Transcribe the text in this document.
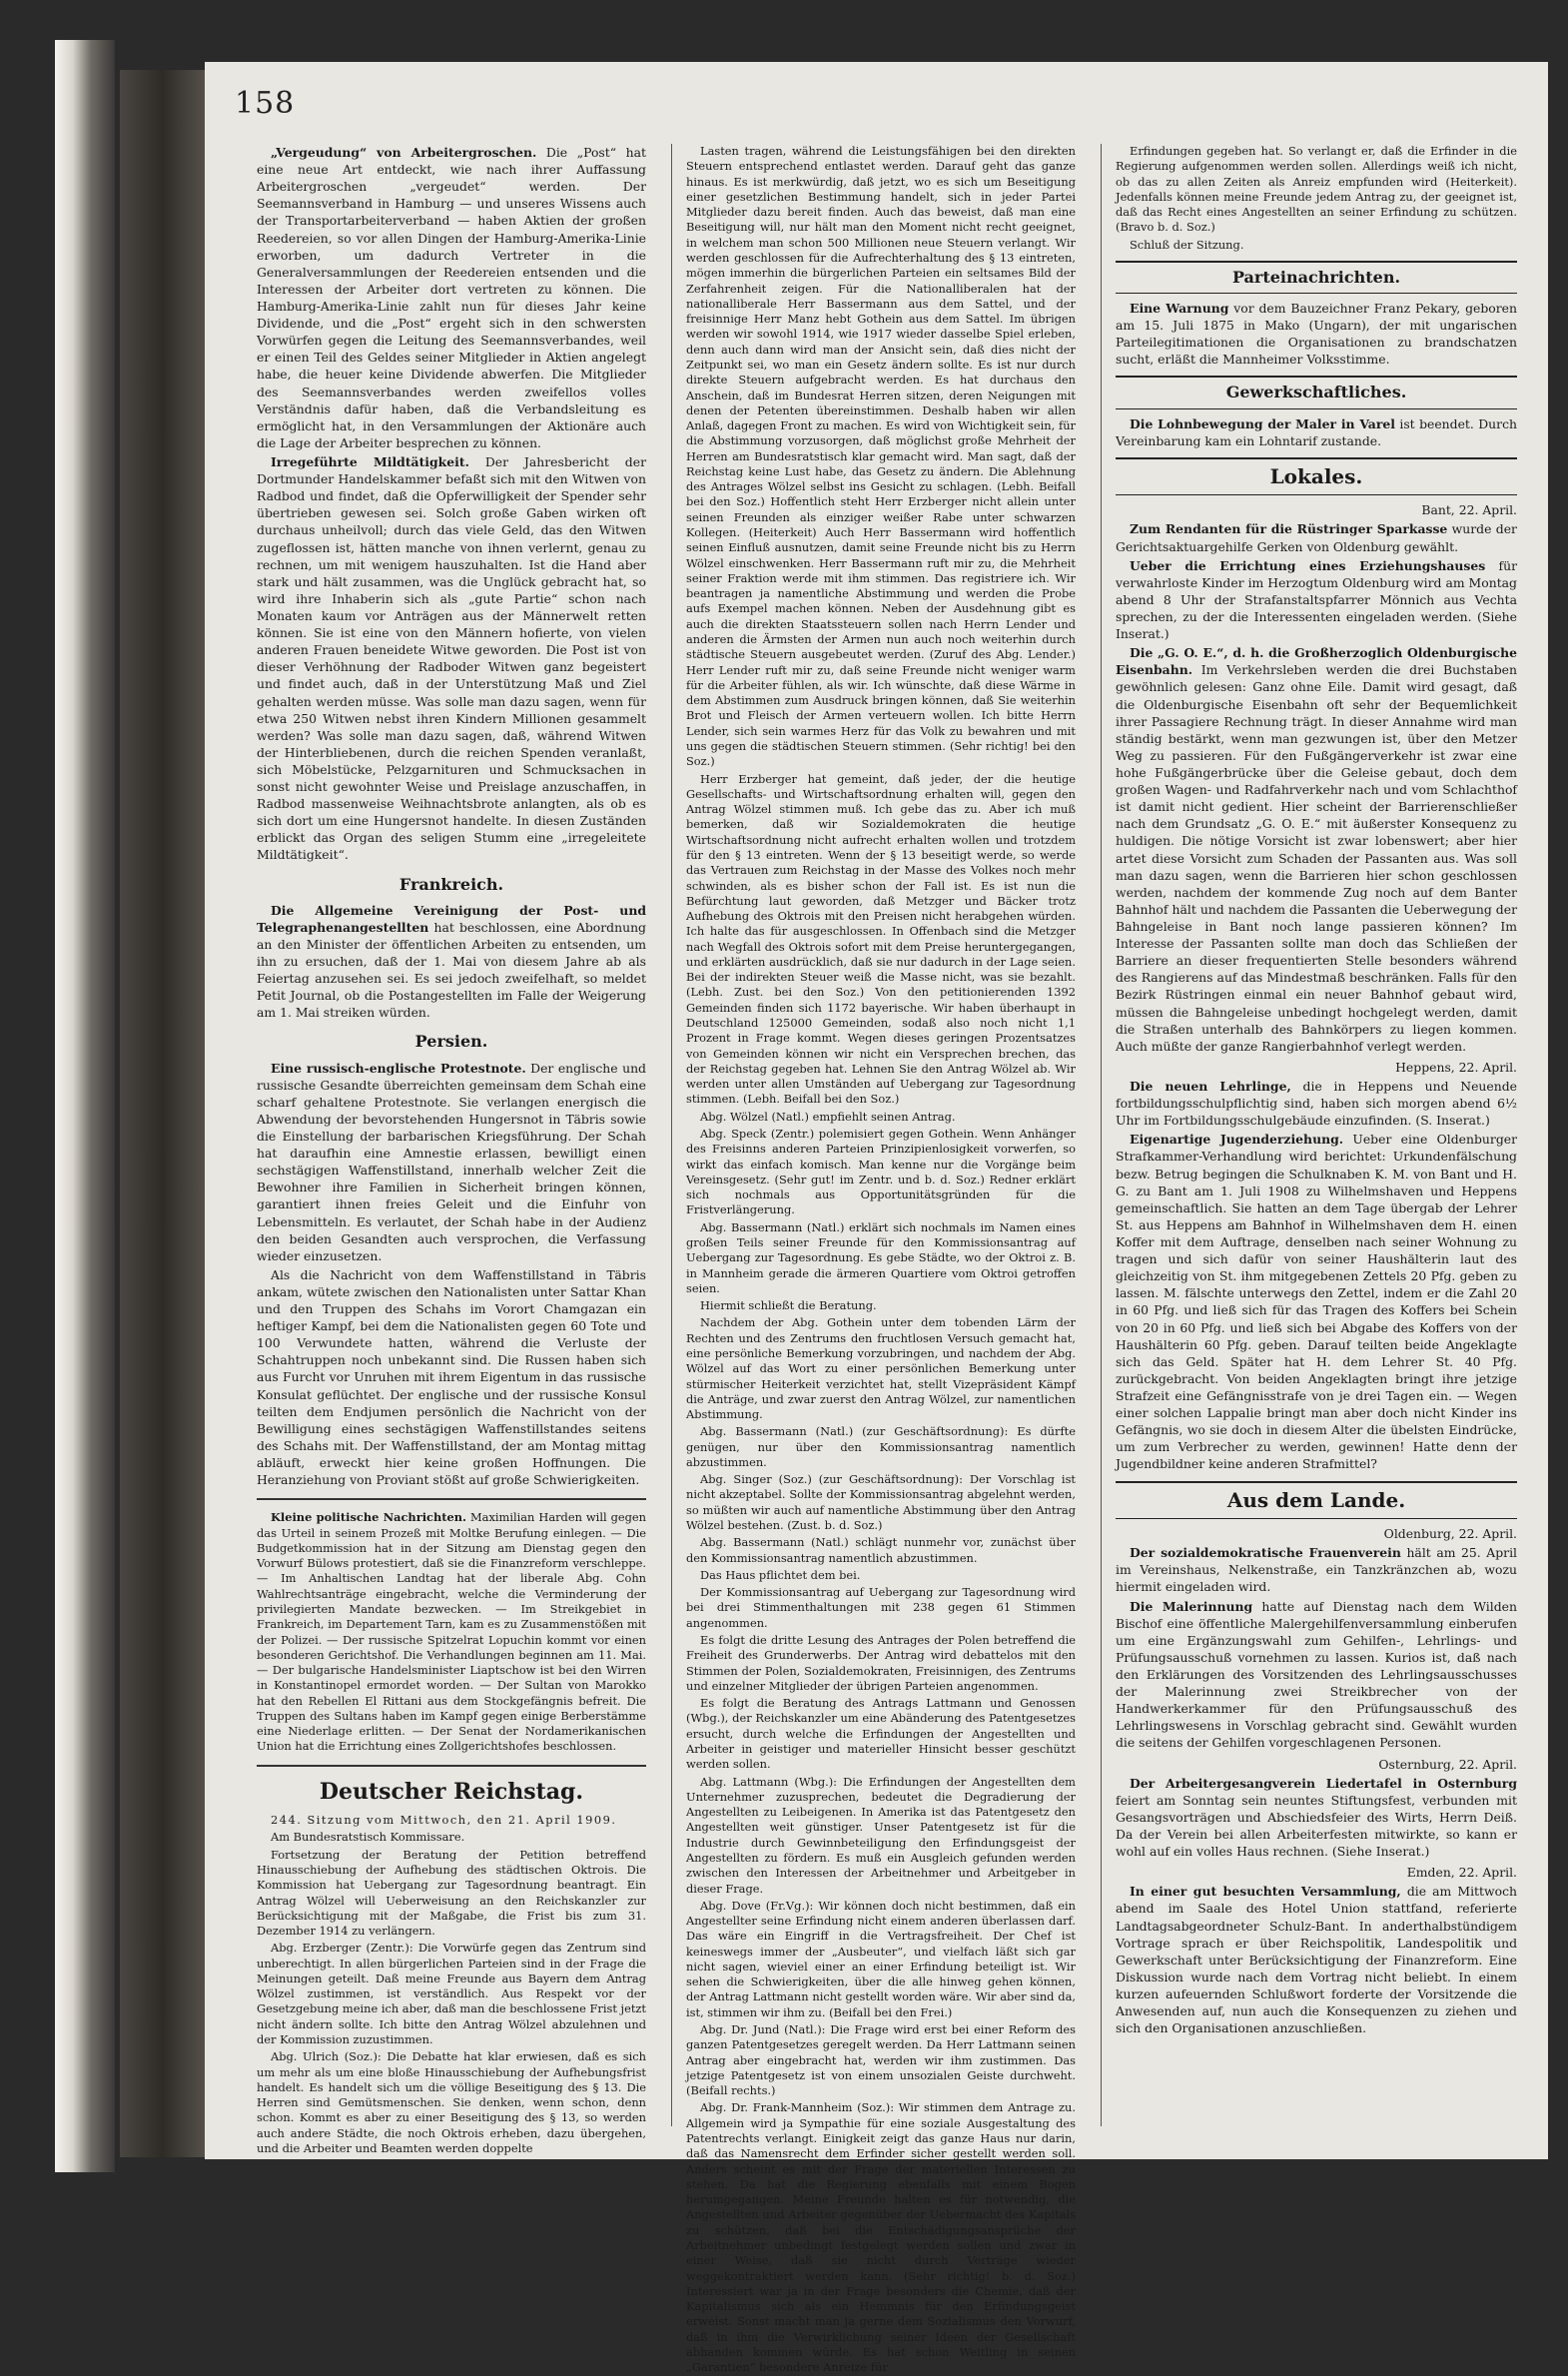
158

„Vergeudung“ von Arbeitergroschen. Die „Post“ hat eine neue Art entdeckt, wie nach ihrer Auffassung Arbeitergroschen „vergeudet“ werden. Der Seemannsverband in Hamburg — und unseres Wissens auch der Transportarbeiterverband — haben Aktien der großen Reedereien, so vor allen Dingen der Hamburg-Amerika-Linie erworben, um dadurch Vertreter in die Generalversammlungen der Reedereien entsenden und die Interessen der Arbeiter dort vertreten zu können. Die Hamburg-Amerika-Linie zahlt nun für dieses Jahr keine Dividende, und die „Post“ ergeht sich in den schwersten Vorwürfen gegen die Leitung des Seemannsverbandes, weil er einen Teil des Geldes seiner Mitglieder in Aktien angelegt habe, die heuer keine Dividende abwerfen. Die Mitglieder des Seemannsverbandes werden zweifellos volles Verständnis dafür haben, daß die Verbandsleitung es ermöglicht hat, in den Versammlungen der Aktionäre auch die Lage der Arbeiter besprechen zu können.

Irregeführte Mildtätigkeit. Der Jahresbericht der Dortmunder Handelskammer befaßt sich mit den Witwen von Radbod und findet, daß die Opferwilligkeit der Spender sehr übertrieben gewesen sei. Solch große Gaben wirken oft durchaus unheilvoll; durch das viele Geld, das den Witwen zugeflossen ist, hätten manche von ihnen verlernt, genau zu rechnen, um mit wenigem hauszuhalten. Ist die Hand aber stark und hält zusammen, was die Unglück gebracht hat, so wird ihre Inhaberin sich als „gute Partie“ schon nach Monaten kaum vor Anträgen aus der Männerwelt retten können. Sie ist eine von den Männern hofierte, von vielen anderen Frauen beneidete Witwe geworden. Die Post ist von dieser Verhöhnung der Radboder Witwen ganz begeistert und findet auch, daß in der Unterstützung Maß und Ziel gehalten werden müsse. Was solle man dazu sagen, wenn für etwa 250 Witwen nebst ihren Kindern Millionen gesammelt werden? Was solle man dazu sagen, daß, während Witwen der Hinterbliebenen, durch die reichen Spenden veranlaßt, sich Möbelstücke, Pelzgarnituren und Schmucksachen in sonst nicht gewohnter Weise und Preislage anzuschaffen, in Radbod massenweise Weihnachtsbrote anlangten, als ob es sich dort um eine Hungersnot handelte. In diesen Zuständen erblickt das Organ des seligen Stumm eine „irregeleitete Mildtätigkeit“.

Frankreich.

Die Allgemeine Vereinigung der Post- und Telegraphenangestellten hat beschlossen, eine Abordnung an den Minister der öffentlichen Arbeiten zu entsenden, um ihn zu ersuchen, daß der 1. Mai von diesem Jahre ab als Feiertag anzusehen sei. Es sei jedoch zweifelhaft, so meldet Petit Journal, ob die Postangestellten im Falle der Weigerung am 1. Mai streiken würden.

Persien.

Eine russisch-englische Protestnote. Der englische und russische Gesandte überreichten gemeinsam dem Schah eine scharf gehaltene Protestnote. Sie verlangen energisch die Abwendung der bevorstehenden Hungersnot in Täbris sowie die Einstellung der barbarischen Kriegsführung. Der Schah hat daraufhin eine Amnestie erlassen, bewilligt einen sechstägigen Waffenstillstand, innerhalb welcher Zeit die Bewohner ihre Familien in Sicherheit bringen können, garantiert ihnen freies Geleit und die Einfuhr von Lebensmitteln. Es verlautet, der Schah habe in der Audienz den beiden Gesandten auch versprochen, die Verfassung wieder einzusetzen.

Als die Nachricht von dem Waffenstillstand in Täbris ankam, wütete zwischen den Nationalisten unter Sattar Khan und den Truppen des Schahs im Vorort Chamgazan ein heftiger Kampf, bei dem die Nationalisten gegen 60 Tote und 100 Verwundete hatten, während die Verluste der Schahtruppen noch unbekannt sind. Die Russen haben sich aus Furcht vor Unruhen mit ihrem Eigentum in das russische Konsulat geflüchtet. Der englische und der russische Konsul teilten dem Endjumen persönlich die Nachricht von der Bewilligung eines sechstägigen Waffenstillstandes seitens des Schahs mit. Der Waffenstillstand, der am Montag mittag abläuft, erweckt hier keine großen Hoffnungen. Die Heranziehung von Proviant stößt auf große Schwierigkeiten.

Kleine politische Nachrichten. Maximilian Harden will gegen das Urteil in seinem Prozeß mit Moltke Berufung einlegen. — Die Budgetkommission hat in der Sitzung am Dienstag gegen den Vorwurf Bülows protestiert, daß sie die Finanzreform verschleppe. — Im Anhaltischen Landtag hat der liberale Abg. Cohn Wahlrechtsanträge eingebracht, welche die Verminderung der privilegierten Mandate bezwecken. — Im Streikgebiet in Frankreich, im Departement Tarn, kam es zu Zusammenstößen mit der Polizei. — Der russische Spitzelrat Lopuchin kommt vor einen besonderen Gerichtshof. Die Verhandlungen beginnen am 11. Mai. — Der bulgarische Handelsminister Liaptschow ist bei den Wirren in Konstantinopel ermordet worden. — Der Sultan von Marokko hat den Rebellen El Rittani aus dem Stockgefängnis befreit. Die Truppen des Sultans haben im Kampf gegen einige Berberstämme eine Niederlage erlitten. — Der Senat der Nordamerikanischen Union hat die Errichtung eines Zollgerichtshofes beschlossen.

Deutscher Reichstag.

244. Sitzung vom Mittwoch, den 21. April 1909.

Am Bundesratstisch Kommissare.

Fortsetzung der Beratung der Petition betreffend Hinausschiebung der Aufhebung des städtischen Oktrois. Die Kommission hat Uebergang zur Tagesordnung beantragt. Ein Antrag Wölzel will Ueberweisung an den Reichskanzler zur Berücksichtigung mit der Maßgabe, die Frist bis zum 31. Dezember 1914 zu verlängern.

Abg. Erzberger (Zentr.): Die Vorwürfe gegen das Zentrum sind unberechtigt. In allen bürgerlichen Parteien sind in der Frage die Meinungen geteilt. Daß meine Freunde aus Bayern dem Antrag Wölzel zustimmen, ist verständlich. Aus Respekt vor der Gesetzgebung meine ich aber, daß man die beschlossene Frist jetzt nicht ändern sollte. Ich bitte den Antrag Wölzel abzulehnen und der Kommission zuzustimmen.

Abg. Ulrich (Soz.): Die Debatte hat klar erwiesen, daß es sich um mehr als um eine bloße Hinausschiebung der Aufhebungsfrist handelt. Es handelt sich um die völlige Beseitigung des § 13. Die Herren sind Gemütsmenschen. Sie denken, wenn schon, denn schon. Kommt es aber zu einer Beseitigung des § 13, so werden auch andere Städte, die noch Oktrois erheben, dazu übergehen, und die Arbeiter und Beamten werden doppelte

Lasten tragen, während die Leistungsfähigen bei den direkten Steuern entsprechend entlastet werden. Darauf geht das ganze hinaus. Es ist merkwürdig, daß jetzt, wo es sich um Beseitigung einer gesetzlichen Bestimmung handelt, sich in jeder Partei Mitglieder dazu bereit finden. Auch das beweist, daß man eine Beseitigung will, nur hält man den Moment nicht recht geeignet, in welchem man schon 500 Millionen neue Steuern verlangt. Wir werden geschlossen für die Aufrechterhaltung des § 13 eintreten, mögen immerhin die bürgerlichen Parteien ein seltsames Bild der Zerfahrenheit zeigen. Für die Nationalliberalen hat der nationalliberale Herr Bassermann aus dem Sattel, und der freisinnige Herr Manz hebt Gothein aus dem Sattel. Im übrigen werden wir sowohl 1914, wie 1917 wieder dasselbe Spiel erleben, denn auch dann wird man der Ansicht sein, daß dies nicht der Zeitpunkt sei, wo man ein Gesetz ändern sollte. Es ist nur durch direkte Steuern aufgebracht werden. Es hat durchaus den Anschein, daß im Bundesrat Herren sitzen, deren Neigungen mit denen der Petenten übereinstimmen. Deshalb haben wir allen Anlaß, dagegen Front zu machen. Es wird von Wichtigkeit sein, für die Abstimmung vorzusorgen, daß möglichst große Mehrheit der Herren am Bundesratstisch klar gemacht wird. Man sagt, daß der Reichstag keine Lust habe, das Gesetz zu ändern. Die Ablehnung des Antrages Wölzel selbst ins Gesicht zu schlagen. (Lebh. Beifall bei den Soz.) Hoffentlich steht Herr Erzberger nicht allein unter seinen Freunden als einziger weißer Rabe unter schwarzen Kollegen. (Heiterkeit) Auch Herr Bassermann wird hoffentlich seinen Einfluß ausnutzen, damit seine Freunde nicht bis zu Herrn Wölzel einschwenken. Herr Bassermann ruft mir zu, die Mehrheit seiner Fraktion werde mit ihm stimmen. Das registriere ich. Wir beantragen ja namentliche Abstimmung und werden die Probe aufs Exempel machen können. Neben der Ausdehnung gibt es auch die direkten Staatssteuern sollen nach Herrn Lender und anderen die Ärmsten der Armen nun auch noch weiterhin durch städtische Steuern ausgebeutet werden. (Zuruf des Abg. Lender.) Herr Lender ruft mir zu, daß seine Freunde nicht weniger warm für die Arbeiter fühlen, als wir. Ich wünschte, daß diese Wärme in dem Abstimmen zum Ausdruck bringen können, daß Sie weiterhin Brot und Fleisch der Armen verteuern wollen. Ich bitte Herrn Lender, sich sein warmes Herz für das Volk zu bewahren und mit uns gegen die städtischen Steuern stimmen. (Sehr richtig! bei den Soz.)

Herr Erzberger hat gemeint, daß jeder, der die heutige Gesellschafts- und Wirtschaftsordnung erhalten will, gegen den Antrag Wölzel stimmen muß. Ich gebe das zu. Aber ich muß bemerken, daß wir Sozialdemokraten die heutige Wirtschaftsordnung nicht aufrecht erhalten wollen und trotzdem für den § 13 eintreten. Wenn der § 13 beseitigt werde, so werde das Vertrauen zum Reichstag in der Masse des Volkes noch mehr schwinden, als es bisher schon der Fall ist. Es ist nun die Befürchtung laut geworden, daß Metzger und Bäcker trotz Aufhebung des Oktrois mit den Preisen nicht herabgehen würden. Ich halte das für ausgeschlossen. In Offenbach sind die Metzger nach Wegfall des Oktrois sofort mit dem Preise heruntergegangen, und erklärten ausdrücklich, daß sie nur dadurch in der Lage seien. Bei der indirekten Steuer weiß die Masse nicht, was sie bezahlt. (Lebh. Zust. bei den Soz.) Von den petitionierenden 1392 Gemeinden finden sich 1172 bayerische. Wir haben überhaupt in Deutschland 125000 Gemeinden, sodaß also noch nicht 1,1 Prozent in Frage kommt. Wegen dieses geringen Prozentsatzes von Gemeinden können wir nicht ein Versprechen brechen, das der Reichstag gegeben hat. Lehnen Sie den Antrag Wölzel ab. Wir werden unter allen Umständen auf Uebergang zur Tagesordnung stimmen. (Lebh. Beifall bei den Soz.)

Abg. Wölzel (Natl.) empfiehlt seinen Antrag.

Abg. Speck (Zentr.) polemisiert gegen Gothein. Wenn Anhänger des Freisinns anderen Parteien Prinzipienlosigkeit vorwerfen, so wirkt das einfach komisch. Man kenne nur die Vorgänge beim Vereinsgesetz. (Sehr gut! im Zentr. und b. d. Soz.) Redner erklärt sich nochmals aus Opportunitätsgründen für die Fristverlängerung.

Abg. Bassermann (Natl.) erklärt sich nochmals im Namen eines großen Teils seiner Freunde für den Kommissionsantrag auf Uebergang zur Tagesordnung. Es gebe Städte, wo der Oktroi z. B. in Mannheim gerade die ärmeren Quartiere vom Oktroi getroffen seien.

Hiermit schließt die Beratung.

Nachdem der Abg. Gothein unter dem tobenden Lärm der Rechten und des Zentrums den fruchtlosen Versuch gemacht hat, eine persönliche Bemerkung vorzubringen, und nachdem der Abg. Wölzel auf das Wort zu einer persönlichen Bemerkung unter stürmischer Heiterkeit verzichtet hat, stellt Vizepräsident Kämpf die Anträge, und zwar zuerst den Antrag Wölzel, zur namentlichen Abstimmung.

Abg. Bassermann (Natl.) (zur Geschäftsordnung): Es dürfte genügen, nur über den Kommissionsantrag namentlich abzustimmen.

Abg. Singer (Soz.) (zur Geschäftsordnung): Der Vorschlag ist nicht akzeptabel. Sollte der Kommissionsantrag abgelehnt werden, so müßten wir auch auf namentliche Abstimmung über den Antrag Wölzel bestehen. (Zust. b. d. Soz.)

Abg. Bassermann (Natl.) schlägt nunmehr vor, zunächst über den Kommissionsantrag namentlich abzustimmen.

Das Haus pflichtet dem bei.

Der Kommissionsantrag auf Uebergang zur Tagesordnung wird bei drei Stimmenthaltungen mit 238 gegen 61 Stimmen angenommen.

Es folgt die dritte Lesung des Antrages der Polen betreffend die Freiheit des Grunderwerbs. Der Antrag wird debattelos mit den Stimmen der Polen, Sozialdemokraten, Freisinnigen, des Zentrums und einzelner Mitglieder der übrigen Parteien angenommen.

Es folgt die Beratung des Antrags Lattmann und Genossen (Wbg.), der Reichskanzler um eine Abänderung des Patentgesetzes ersucht, durch welche die Erfindungen der Angestellten und Arbeiter in geistiger und materieller Hinsicht besser geschützt werden sollen.

Abg. Lattmann (Wbg.): Die Erfindungen der Angestellten dem Unternehmer zuzusprechen, bedeutet die Degradierung der Angestellten zu Leibeigenen. In Amerika ist das Patentgesetz den Angestellten weit günstiger. Unser Patentgesetz ist für die Industrie durch Gewinnbeteiligung den Erfindungsgeist der Angestellten zu fördern. Es muß ein Ausgleich gefunden werden zwischen den Interessen der Arbeitnehmer und Arbeitgeber in dieser Frage.

Abg. Dove (Fr.Vg.): Wir können doch nicht bestimmen, daß ein Angestellter seine Erfindung nicht einem anderen überlassen darf. Das wäre ein Eingriff in die Vertragsfreiheit. Der Chef ist keineswegs immer der „Ausbeuter“, und vielfach läßt sich gar nicht sagen, wieviel einer an einer Erfindung beteiligt ist. Wir sehen die Schwierigkeiten, über die alle hinweg gehen können, der Antrag Lattmann nicht gestellt worden wäre. Wir aber sind da, ist, stimmen wir ihm zu. (Beifall bei den Frei.)

Abg. Dr. Jund (Natl.): Die Frage wird erst bei einer Reform des ganzen Patentgesetzes geregelt werden. Da Herr Lattmann seinen Antrag aber eingebracht hat, werden wir ihm zustimmen. Das jetzige Patentgesetz ist von einem unsozialen Geiste durchweht. (Beifall rechts.)

Abg. Dr. Frank-Mannheim (Soz.): Wir stimmen dem Antrage zu. Allgemein wird ja Sympathie für eine soziale Ausgestaltung des Patentrechts verlangt. Einigkeit zeigt das ganze Haus nur darin, daß das Namensrecht dem Erfinder sicher gestellt werden soll. Anders scheint es mit der Frage der materiellen Interessen zu stehen. Da hat die Regierung ebenfalls mit einem Bogen herumgegangen. Meine Freunde halten es für notwendig, die Angestellten und Arbeiter gegenüber der Uebermacht des Kapitals zu schützen, daß bei die Entschädigungsansprüche der Arbeitnehmer unbedingt festgelegt werden sollen und zwar in einer Weise, daß sie nicht durch Verträge wieder weggekontraktiert werden kann. (Sehr richtig! b. d. Soz.) Interessiert war ja in der Frage besonders die Chemie, daß der Kapitalismus sich als ein Hemmnis für den Erfindungsgeist erweist. Sonst macht man ja gerne dem Sozialismus den Vorwurf, daß in ihm die Verwirklichung seiner Ideen der Gesellschaft abhanden kommen würde. Es hat schon Weitling in seinen „Garantien“ besondere Anreize für

Erfindungen gegeben hat. So verlangt er, daß die Erfinder in die Regierung aufgenommen werden sollen. Allerdings weiß ich nicht, ob das zu allen Zeiten als Anreiz empfunden wird (Heiterkeit). Jedenfalls können meine Freunde jedem Antrag zu, der geeignet ist, daß das Recht eines Angestellten an seiner Erfindung zu schützen. (Bravo b. d. Soz.)

Schluß der Sitzung.

Parteinachrichten.

Eine Warnung vor dem Bauzeichner Franz Pekary, geboren am 15. Juli 1875 in Mako (Ungarn), der mit ungarischen Parteilegitimationen die Organisationen zu brandschatzen sucht, erläßt die Mannheimer Volksstimme.

Gewerkschaftliches.

Die Lohnbewegung der Maler in Varel ist beendet. Durch Vereinbarung kam ein Lohntarif zustande.

Lokales.
Bant, 22. April.

Zum Rendanten für die Rüstringer Sparkasse wurde der Gerichtsaktuargehilfe Gerken von Oldenburg gewählt.

Ueber die Errichtung eines Erziehungshauses für verwahrloste Kinder im Herzogtum Oldenburg wird am Montag abend 8 Uhr der Strafanstaltspfarrer Mönnich aus Vechta sprechen, zu der die Interessenten eingeladen werden. (Siehe Inserat.)

Die „G. O. E.“, d. h. die Großherzoglich Oldenburgische Eisenbahn. Im Verkehrsleben werden die drei Buchstaben gewöhnlich gelesen: Ganz ohne Eile. Damit wird gesagt, daß die Oldenburgische Eisenbahn oft sehr der Bequemlichkeit ihrer Passagiere Rechnung trägt. In dieser Annahme wird man ständig bestärkt, wenn man gezwungen ist, über den Metzer Weg zu passieren. Für den Fußgängerverkehr ist zwar eine hohe Fußgängerbrücke über die Geleise gebaut, doch dem großen Wagen- und Radfahrverkehr nach und vom Schlachthof ist damit nicht gedient. Hier scheint der Barrierenschließer nach dem Grundsatz „G. O. E.“ mit äußerster Konsequenz zu huldigen. Die nötige Vorsicht ist zwar lobenswert; aber hier artet diese Vorsicht zum Schaden der Passanten aus. Was soll man dazu sagen, wenn die Barrieren hier schon geschlossen werden, nachdem der kommende Zug noch auf dem Banter Bahnhof hält und nachdem die Passanten die Ueberwegung der Bahngeleise in Bant noch lange passieren können? Im Interesse der Passanten sollte man doch das Schließen der Barriere an dieser frequentierten Stelle besonders während des Rangierens auf das Mindestmaß beschränken. Falls für den Bezirk Rüstringen einmal ein neuer Bahnhof gebaut wird, müssen die Bahngeleise unbedingt hochgelegt werden, damit die Straßen unterhalb des Bahnkörpers zu liegen kommen. Auch müßte der ganze Rangierbahnhof verlegt werden.

Heppens, 22. April.

Die neuen Lehrlinge, die in Heppens und Neuende fortbildungsschulpflichtig sind, haben sich morgen abend 6½ Uhr im Fortbildungsschulgebäude einzufinden. (S. Inserat.)

Eigenartige Jugenderziehung. Ueber eine Oldenburger Strafkammer-Verhandlung wird berichtet: Urkundenfälschung bezw. Betrug begingen die Schulknaben K. M. von Bant und H. G. zu Bant am 1. Juli 1908 zu Wilhelmshaven und Heppens gemeinschaftlich. Sie hatten an dem Tage übergab der Lehrer St. aus Heppens am Bahnhof in Wilhelmshaven dem H. einen Koffer mit dem Auftrage, denselben nach seiner Wohnung zu tragen und sich dafür von seiner Haushälterin laut des gleichzeitig von St. ihm mitgegebenen Zettels 20 Pfg. geben zu lassen. M. fälschte unterwegs den Zettel, indem er die Zahl 20 in 60 Pfg. und ließ sich für das Tragen des Koffers bei Schein von 20 in 60 Pfg. und ließ sich bei Abgabe des Koffers von der Haushälterin 60 Pfg. geben. Darauf teilten beide Angeklagte sich das Geld. Später hat H. dem Lehrer St. 40 Pfg. zurückgebracht. Von beiden Angeklagten bringt ihre jetzige Strafzeit eine Gefängnisstrafe von je drei Tagen ein. — Wegen einer solchen Lappalie bringt man aber doch nicht Kinder ins Gefängnis, wo sie doch in diesem Alter die übelsten Eindrücke, um zum Verbrecher zu werden, gewinnen! Hatte denn der Jugendbildner keine anderen Strafmittel?

Aus dem Lande.
Oldenburg, 22. April.

Der sozialdemokratische Frauenverein hält am 25. April im Vereinshaus, Nelkenstraße, ein Tanzkränzchen ab, wozu hiermit eingeladen wird.

Die Malerinnung hatte auf Dienstag nach dem Wilden Bischof eine öffentliche Malergehilfenversammlung einberufen um eine Ergänzungswahl zum Gehilfen-, Lehrlings- und Prüfungsausschuß vornehmen zu lassen. Kurios ist, daß nach den Erklärungen des Vorsitzenden des Lehrlingsausschusses der Malerinnung zwei Streikbrecher von der Handwerkerkammer für den Prüfungsausschuß des Lehrlingswesens in Vorschlag gebracht sind. Gewählt wurden die seitens der Gehilfen vorgeschlagenen Personen.

Osternburg, 22. April.

Der Arbeitergesangverein Liedertafel in Osternburg feiert am Sonntag sein neuntes Stiftungsfest, verbunden mit Gesangsvorträgen und Abschiedsfeier des Wirts, Herrn Deiß. Da der Verein bei allen Arbeiterfesten mitwirkte, so kann er wohl auf ein volles Haus rechnen. (Siehe Inserat.)

Emden, 22. April.

In einer gut besuchten Versammlung, die am Mittwoch abend im Saale des Hotel Union stattfand, referierte Landtagsabgeordneter Schulz-Bant. In anderthalbstündigem Vortrage sprach er über Reichspolitik, Landespolitik und Gewerkschaft unter Berücksichtigung der Finanzreform. Eine Diskussion wurde nach dem Vortrag nicht beliebt. In einem kurzen aufeuernden Schlußwort forderte der Vorsitzende die Anwesenden auf, nun auch die Konsequenzen zu ziehen und sich den Organisationen anzuschließen.
